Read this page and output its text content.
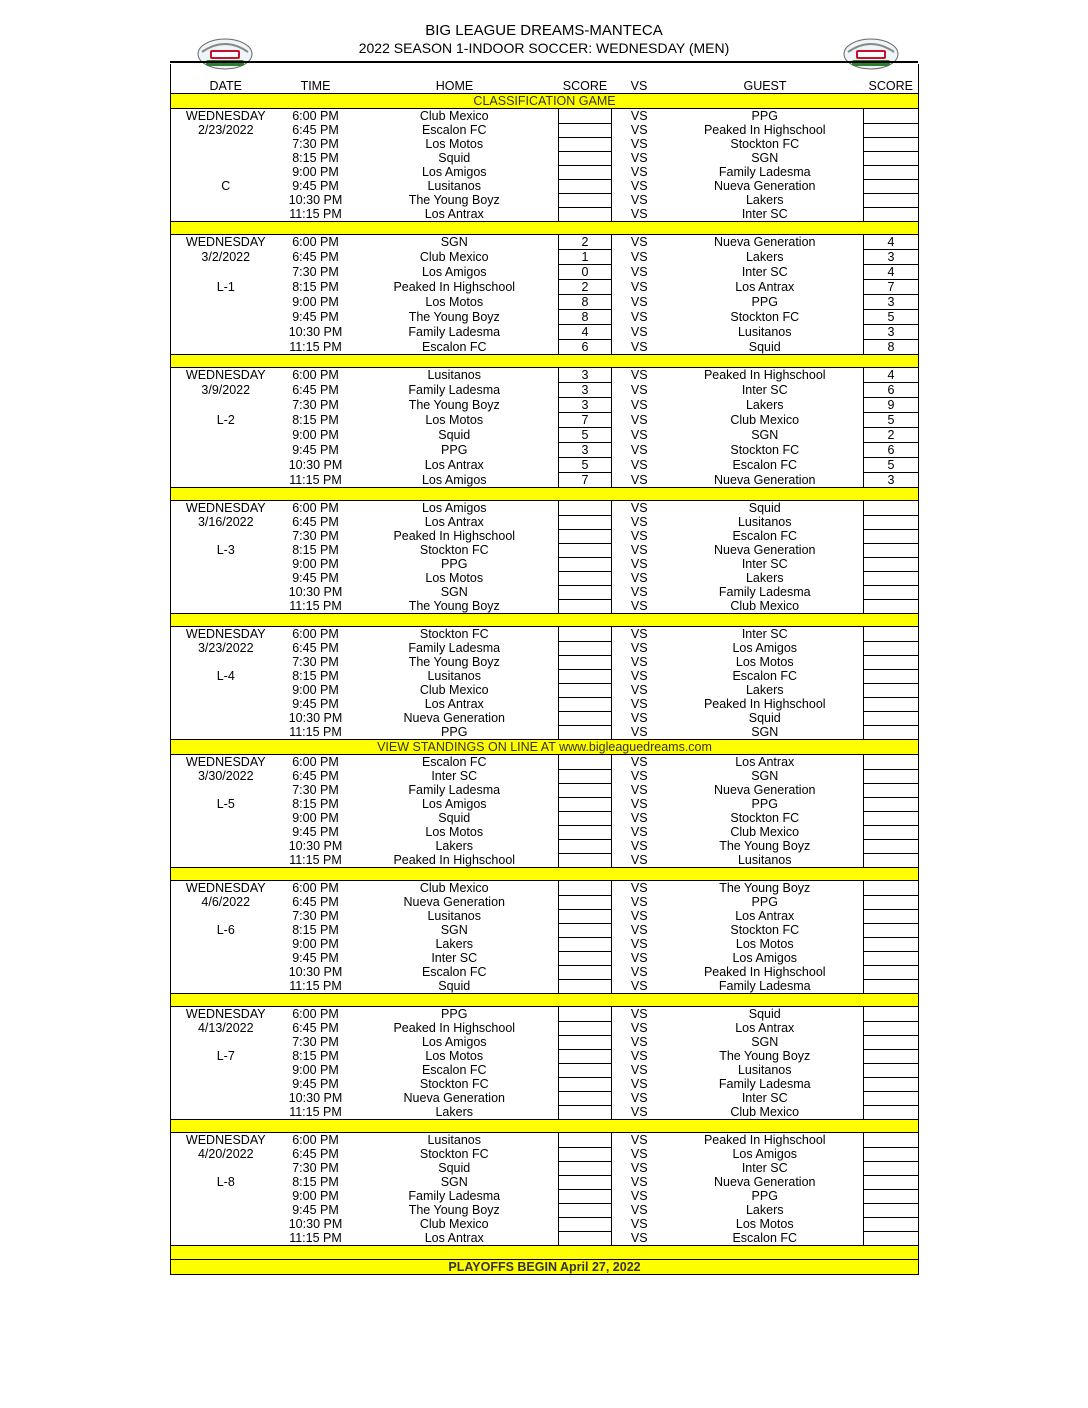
BIG LEAGUE DREAMS-MANTECA
2022 SEASON 1-INDOOR SOCCER: WEDNESDAY (MEN)

DATE	TIME	HOME	SCORE	VS	GUEST	SCORE
CLASSIFICATION GAME						
WEDNESDAY	6:00 PM	Club Mexico		VS	PPG	
2/23/2022	6:45 PM	Escalon FC		VS	Peaked In Highschool	
	7:30 PM	Los Motos		VS	Stockton FC	
	8:15 PM	Squid		VS	SGN	
	9:00 PM	Los Amigos		VS	Family Ladesma	
C	9:45 PM	Lusitanos		VS	Nueva Generation	
	10:30 PM	The Young Boyz		VS	Lakers	
	11:15 PM	Los Antrax		VS	Inter SC	

WEDNESDAY	6:00 PM	SGN	2	VS	Nueva Generation	4
3/2/2022	6:45 PM	Club Mexico	1	VS	Lakers	3
	7:30 PM	Los Amigos	0	VS	Inter SC	4
L-1	8:15 PM	Peaked In Highschool	2	VS	Los Antrax	7
	9:00 PM	Los Motos	8	VS	PPG	3
	9:45 PM	The Young Boyz	8	VS	Stockton FC	5
	10:30 PM	Family Ladesma	4	VS	Lusitanos	3
	11:15 PM	Escalon FC	6	VS	Squid	8

WEDNESDAY	6:00 PM	Lusitanos	3	VS	Peaked In Highschool	4
3/9/2022	6:45 PM	Family Ladesma	3	VS	Inter SC	6
	7:30 PM	The Young Boyz	3	VS	Lakers	9
L-2	8:15 PM	Los Motos	7	VS	Club Mexico	5
	9:00 PM	Squid	5	VS	SGN	2
	9:45 PM	PPG	3	VS	Stockton FC	6
	10:30 PM	Los Antrax	5	VS	Escalon FC	5
	11:15 PM	Los Amigos	7	VS	Nueva Generation	3

WEDNESDAY	6:00 PM	Los Amigos		VS	Squid	
3/16/2022	6:45 PM	Los Antrax		VS	Lusitanos	
	7:30 PM	Peaked In Highschool		VS	Escalon FC	
L-3	8:15 PM	Stockton FC		VS	Nueva Generation	
	9:00 PM	PPG		VS	Inter SC	
	9:45 PM	Los Motos		VS	Lakers	
	10:30 PM	SGN		VS	Family Ladesma	
	11:15 PM	The Young Boyz		VS	Club Mexico	

WEDNESDAY	6:00 PM	Stockton FC		VS	Inter SC	
3/23/2022	6:45 PM	Family Ladesma		VS	Los Amigos	
	7:30 PM	The Young Boyz		VS	Los Motos	
L-4	8:15 PM	Lusitanos		VS	Escalon FC	
	9:00 PM	Club Mexico		VS	Lakers	
	9:45 PM	Los Antrax		VS	Peaked In Highschool	
	10:30 PM	Nueva Generation		VS	Squid	
	11:15 PM	PPG		VS	SGN	
VIEW STANDINGS ON LINE AT www.bigleaguedreams.com						
WEDNESDAY	6:00 PM	Escalon FC		VS	Los Antrax	
3/30/2022	6:45 PM	Inter SC		VS	SGN	
	7:30 PM	Family Ladesma		VS	Nueva Generation	
L-5	8:15 PM	Los Amigos		VS	PPG	
	9:00 PM	Squid		VS	Stockton FC	
	9:45 PM	Los Motos		VS	Club Mexico	
	10:30 PM	Lakers		VS	The Young Boyz	
	11:15 PM	Peaked In Highschool		VS	Lusitanos	

WEDNESDAY	6:00 PM	Club Mexico		VS	The Young Boyz	
4/6/2022	6:45 PM	Nueva Generation		VS	PPG	
	7:30 PM	Lusitanos		VS	Los Antrax	
L-6	8:15 PM	SGN		VS	Stockton FC	
	9:00 PM	Lakers		VS	Los Motos	
	9:45 PM	Inter SC		VS	Los Amigos	
	10:30 PM	Escalon FC		VS	Peaked In Highschool	
	11:15 PM	Squid		VS	Family Ladesma	

WEDNESDAY	6:00 PM	PPG		VS	Squid	
4/13/2022	6:45 PM	Peaked In Highschool		VS	Los Antrax	
	7:30 PM	Los Amigos		VS	SGN	
L-7	8:15 PM	Los Motos		VS	The Young Boyz	
	9:00 PM	Escalon FC		VS	Lusitanos	
	9:45 PM	Stockton FC		VS	Family Ladesma	
	10:30 PM	Nueva Generation		VS	Inter SC	
	11:15 PM	Lakers		VS	Club Mexico	

WEDNESDAY	6:00 PM	Lusitanos		VS	Peaked In Highschool	
4/20/2022	6:45 PM	Stockton FC		VS	Los Amigos	
	7:30 PM	Squid		VS	Inter SC	
L-8	8:15 PM	SGN		VS	Nueva Generation	
	9:00 PM	Family Ladesma		VS	PPG	
	9:45 PM	The Young Boyz		VS	Lakers	
	10:30 PM	Club Mexico		VS	Los Motos	
	11:15 PM	Los Antrax		VS	Escalon FC	

PLAYOFFS BEGIN April 27, 2022						
